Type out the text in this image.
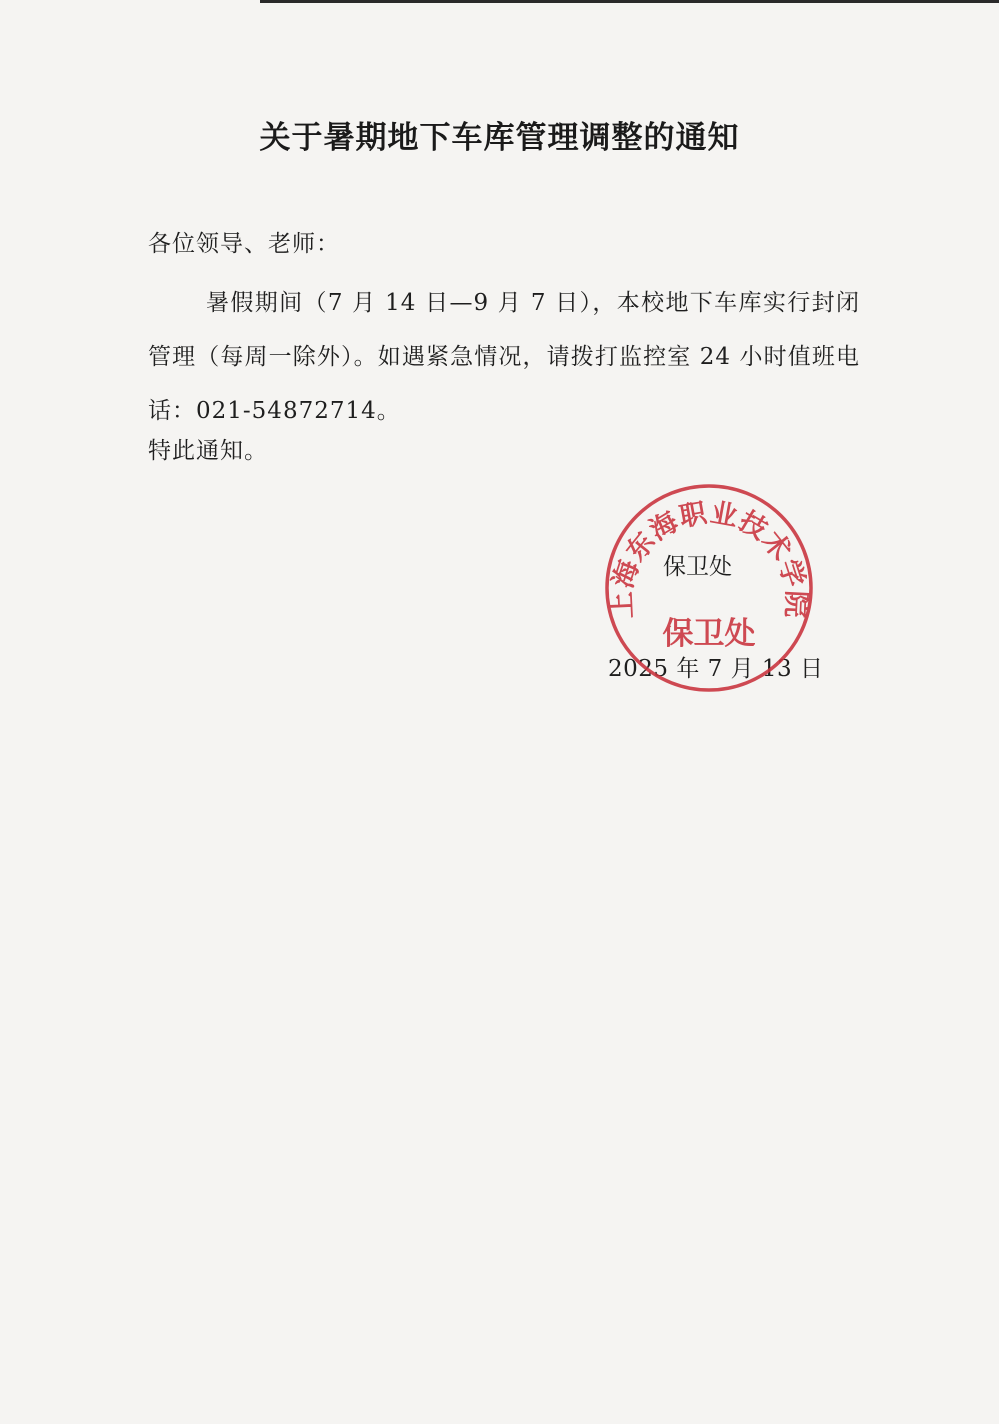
关于暑期地下车库管理调整的通知
各位领导、老师：

暑假期间（7 月 14 日—9 月 7 日），本校地下车库实行封闭管理（每周一除外）。如遇紧急情况，请拨打监控室 24 小时值班电话：021-54872714。

特此通知。
保卫处
2025 年 7 月 13 日
上海东海职业技术学院
保卫处
